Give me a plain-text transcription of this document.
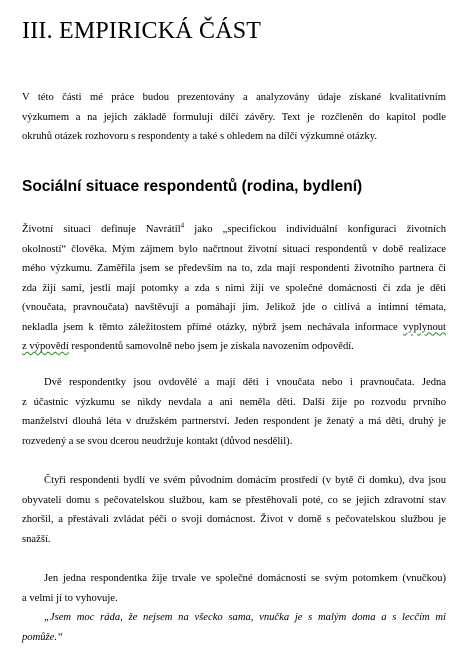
III. EMPIRICKÁ ČÁST

V této části mé práce budou prezentovány a analyzovány údaje získané kvalitativním
výzkumem a na jejich základě formulují dílčí závěry. Text je rozčleněn do kapitol podle
okruhů otázek rozhovoru s respondenty a také s ohledem na dílčí výzkumné otázky.

Sociální situace respondentů (rodina, bydlení)

Životní situaci definuje Navrátil$^4$ jako „specifickou individuální konfiguraci životních
okolností“ člověka. Mým zájmem bylo načrtnout životní situaci respondentů v době realizace
mého výzkumu. Zaměřila jsem se především na to, zda mají respondenti životního partnera či
zda žijí sami, jestli mají potomky a zda s nimi žijí ve společné domácnosti či zda je děti
(vnoučata, pravnoučata) navštěvují a pomáhají jim. Jelikož jde o citlivá a intimní témata,
nekladla jsem k těmto záležitostem přímé otázky, nýbrž jsem nechávala informace vyplynout
z výpovědí respondentů samovolně nebo jsem je získala navozením odpovědí.

Dvě respondentky jsou ovdovělé a mají děti i vnoučata nebo i pravnoučata. Jedna
z účastnic výzkumu se nikdy nevdala a ani neměla děti. Další žije po rozvodu prvního
manželství dlouhá léta v družském partnerství. Jeden respondent je ženatý a má děti, druhý je
rozvedený a se svou dcerou neudržuje kontakt (důvod nesdělil).

Čtyři respondenti bydlí ve svém původním domácím prostředí (v bytě či domku), dva jsou
obyvateli domu s pečovatelskou službou, kam se přestěhovali poté, co se jejich zdravotní stav
zhoršil, a přestávali zvládat péči o svoji domácnost. Život v domě s pečovatelskou službou je
snažší.

Jen jedna respondentka žije trvale ve společné domácnosti se svým potomkem (vnučkou)
a velmi jí to vyhovuje.

„Jsem moc ráda, že nejsem na všecko sama, vnučka je s malým doma a s lecčím mi
pomůže.“
